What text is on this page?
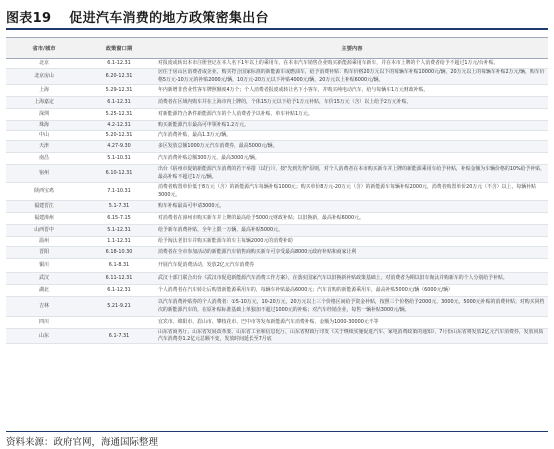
图表19 促进汽车消费的地方政策密集出台
省市/城市	政策窗口期	主要内容
北京	6.1-12.31	对报废或转出本市注册登记在本人名下1年以上的乘用车，在本市汽车销售企业购买新能源乘用车新车，并在本市上牌的个人消费者给予不超过1万元/台补贴。
北京房山	6.20-12.31	居住于房山区消费者或企业，购买符合国家标准的新能源车或燃油车，给予消费补贴：购车价格20万元以下的每辆车补贴10000元/辆，20万元以上的每辆车补贴2万元/辆，购车价格5万元-10万元的补贴2000元/辆，10万元-20万元以下补贴4000元/辆，20万元以上补贴6000元/辆。
上海	5.29-12.31	年内新增非营业性客车牌照额度4万个；个人消费者报废或转让名下小客车，并购买纯电动汽车，给与每辆车1万元财政补贴。
上海嘉定	6.1-12.31	消费者在区域内购车并在上海市内上牌的，个体15万元以下给予1万元补贴，车价15万元（含）以上给予2万元补贴。
深圳	5.25-12.31	对新能源符合条件新能源汽车的个人消费者予以补贴，单车补贴1万元。
珠海	4.2-12.31	购买新能源汽车最高可申领补贴1.2万元。
中山	5.20-12.31	汽车消费补贴，最高1.3万元/辆。
天津	4.27-9.30	多区发放总额1000万元汽车消费券，最高5000元/辆。
南昌	5.1-10.31	汽车消费补贴总额300万元，最高3000元/辆。
宿州	6.10-12.31	出台《宿州市促销新能源汽车消费的若干举措（试行）》，按"先到先得"原则，对个人消费者在本市购买新车并上牌的新能源乘用车给予补贴，补贴金额为车辆价格的10%给予补贴，最高补贴不超过1万元/辆。
陕西宝鸡	7.1-10.31	消费者购置单价低于8万元（含）的新能源汽车每辆补贴1000元；购买单价8万元-20万元（含）的新能源车每辆补贴2000元，消费者购置单价20万元（不含）以上，每辆补贴3000元。
福建晋江	5.1-7.31	购车补贴最高可申请3000元。
福建漳州	6.15-7.15	对消费者在漳州市购买新车并上牌的最高给予5000元财政补贴；以旧换新，最高补贴6000元。
山西晋中	5.1-12.31	给予新车消费补贴，全年上限一万辆，最高补贴5000元。
温州	1.1-12.31	给予淘汰老旧车并购买新能源车的车主每辆2000元的消费补助
晋阳	6.18-10.30	消费者在全市参加活动的新能源汽车销售商购买新车可享受最高8000元政府补贴和商家让利
铜川	6.1-8.31	开展汽车促消费活动，发放2亿元汽车消费券
武汉	6.11-12.31	武汉十部门联合出台《武汉市促进新能源汽车消费工作方案》，在落实国家汽车以旧换新补贴政策基础上，对消费者为期以旧车淘汰并购新车的个人分别给予补贴。
湖北	6.1-12.31	个人消费者在汽车转让后购置新能源乘用车的，每辆车补贴最高6000元；汽车首购的新能源乘用车，最高补贴5000元/辆（6000元/辆）
吉林	5.21-9.21	以汽车消费补贴券的个人消费者：①5-10万元，10-20万元，20万元以上三个价格区间给予资金补贴，按照三个价格给予2000元、3000元、5000元补贴的消费补贴；对购买同档次的新能源汽车的，在原补贴标准基础上单独加不超过1000元的补贴；对汽车经销企业，每售一辆补贴3000元/辆。
四川		宜宾市、绵阳市、眉山市、攀枝花市、巴中市等发布新能源汽车消费补贴，金额为1000-30000元不等
山东	6.1-7.31	山东省商务厅、山东省发展改革委、山东省工业和信息化厅，山东省财政厅印发《关于继续实施促进汽车、家电消费政策的通知》，7月份山东省将发放2亿元汽车消费券，发放同质汽车消费券1.2亿元总额不变，发放时间延长至7月底
资料来源：政府官网，海通国际整理
